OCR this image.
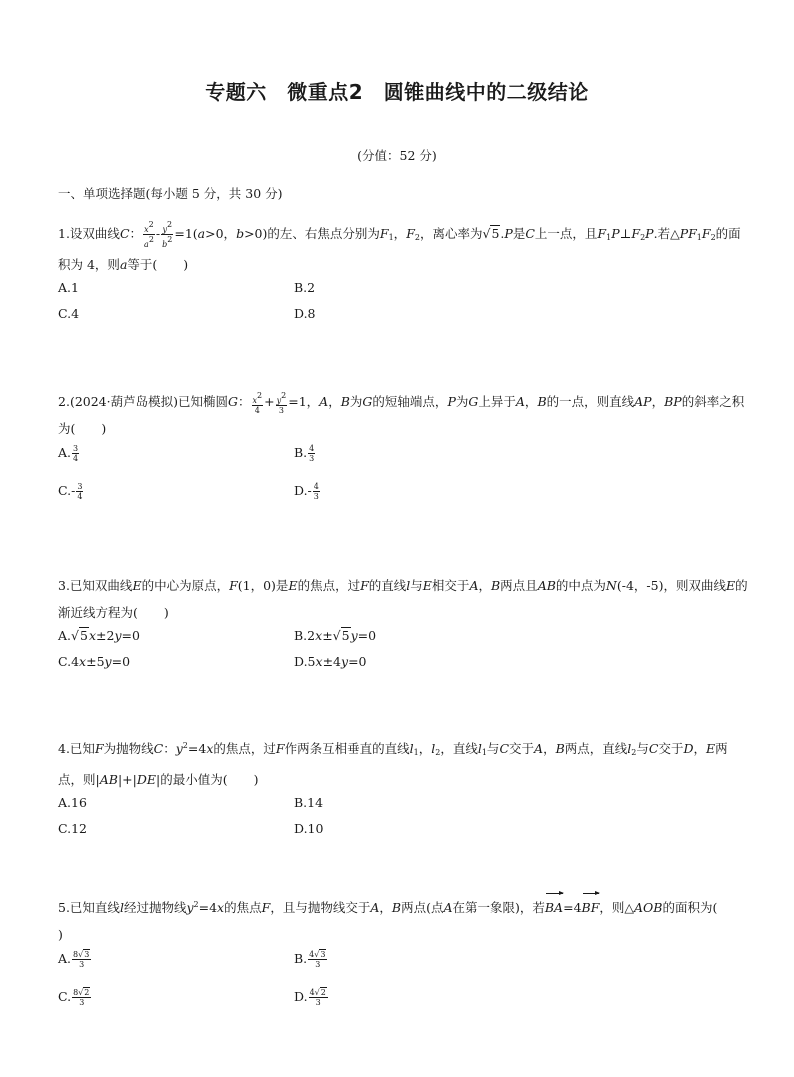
专题六　微重点2　圆锥曲线中的二级结论

(分值：52 分)

一、单项选择题(每小题 5 分，共 30 分)

1.设双曲线C： $\frac{x^2}{a^2} - \frac{y^2}{b^2} =1(a>0$，b>0)的左、右焦点分别为$F_1$，$F_2$，离心率为√5.P是C上一点，且$F_1P\perp F_2P$.若$\triangle PF_1F_2$的面积为 4，则a等于( )

A.1	B.2
C.4	D.8

2.(2024·葫芦岛模拟)已知椭圆G： $\frac{x^2}{4} + \frac{y^2}{3} =1$，A，B为G的短轴端点，P为G上异于A，B的一点，则直线AP，BP的斜率之积为( )

A. $\frac{3}{4}$	B. $\frac{4}{3}$
$C.- \frac{3}{4}$	$D.- \frac{4}{3}$

3.已知双曲线E的中心为原点，F(1，0)是E的焦点，过F的直线l与E相交于A，B两点且AB的中点为N(-4，-5)，则双曲线E的渐近线方程为( )

A.√5x±2y=0	B.2x±√5y=0
C.4x±5y=0	D.5x±4y=0

4.已知F为抛物线C：$y^2=4x$的焦点，过F作两条互相垂直的直线$l_1$，$l_2$，直线$l_1$与C交于A，B两点，直线$l_2$与C交于D，E两点，则|AB|+|DE|的最小值为( )

A.16	B.14
C.12	D.10

5.已知直线l经过抛物线$y^2=4x$的焦点F，且与抛物线交于A，B两点(点A在第一象限)，若BA=4BF，则△AOB的面积为()

A. $\frac{8√3}{3}$	B. $\frac{4√3}{3}$
C. $\frac{8√2}{3}$	D. $\frac{4√2}{3}$
